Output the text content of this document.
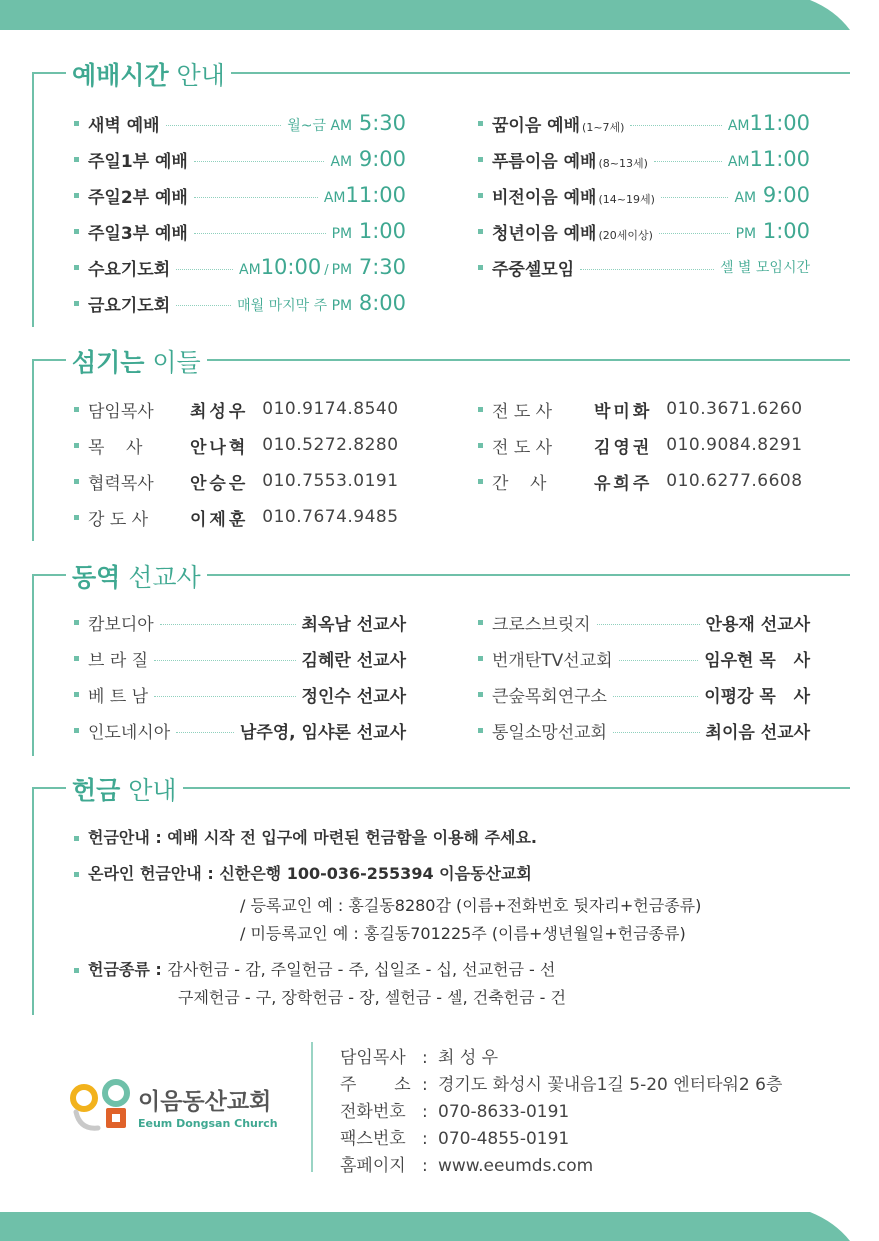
예배시간 안내
새벽 예배	월~금 AM 5:30
주일1부 예배	AM 9:00
주일2부 예배	AM11:00
주일3부 예배	PM 1:00
수요기도회	AM10:00 / PM 7:30
금요기도회	매월 마지막 주 PM 8:00
꿈이음 예배 (1~7세)	AM11:00
푸름이음 예배 (8~13세)	AM11:00
비전이음 예배 (14~19세)	AM 9:00
청년이음 예배 (20세이상)	PM 1:00
주중셀모임	셀 별 모임시간
섬기는 이들
담임목사	최성우 010.9174.8540
목    사	안나혁 010.5272.8280
협력목사	안승은 010.7553.0191
강 도 사	이제훈 010.7674.9485
전 도 사	박미화 010.3671.6260
전 도 사	김영권 010.9084.8291
간    사	유희주 010.6277.6608
동역 선교사
캄보디아	최옥남 선교사
브 라 질	김혜란 선교사
베 트 남	정인수 선교사
인도네시아	남주영, 임샤론 선교사
크로스브릿지	안용재 선교사
번개탄TV선교회	임우현 목   사
큰숲목회연구소	이평강 목   사
통일소망선교회	최이음 선교사
헌금 안내
헌금안내 : 예배 시작 전 입구에 마련된 헌금함을 이용해 주세요.
온라인 헌금안내 : 신한은행 100-036-255394 이음동산교회
/ 등록교인 예 : 홍길동8280감 (이름+전화번호 뒷자리+헌금종류)
/ 미등록교인 예 : 홍길동701225주 (이름+생년월일+헌금종류)
헌금종류 : 감사헌금 - 감, 주일헌금 - 주, 십일조 - 십, 선교헌금 - 선
구제헌금 - 구, 장학헌금 - 장, 셀헌금 - 셀, 건축헌금 - 건
이음동산교회
Eeum Dongsan Church
담임목사 : 최 성 우
주       소 : 경기도 화성시 꽃내음1길 5-20 엔터타워2 6층
전화번호 : 070-8633-0191
팩스번호 : 070-4855-0191
홈페이지 : www.eeumds.com
